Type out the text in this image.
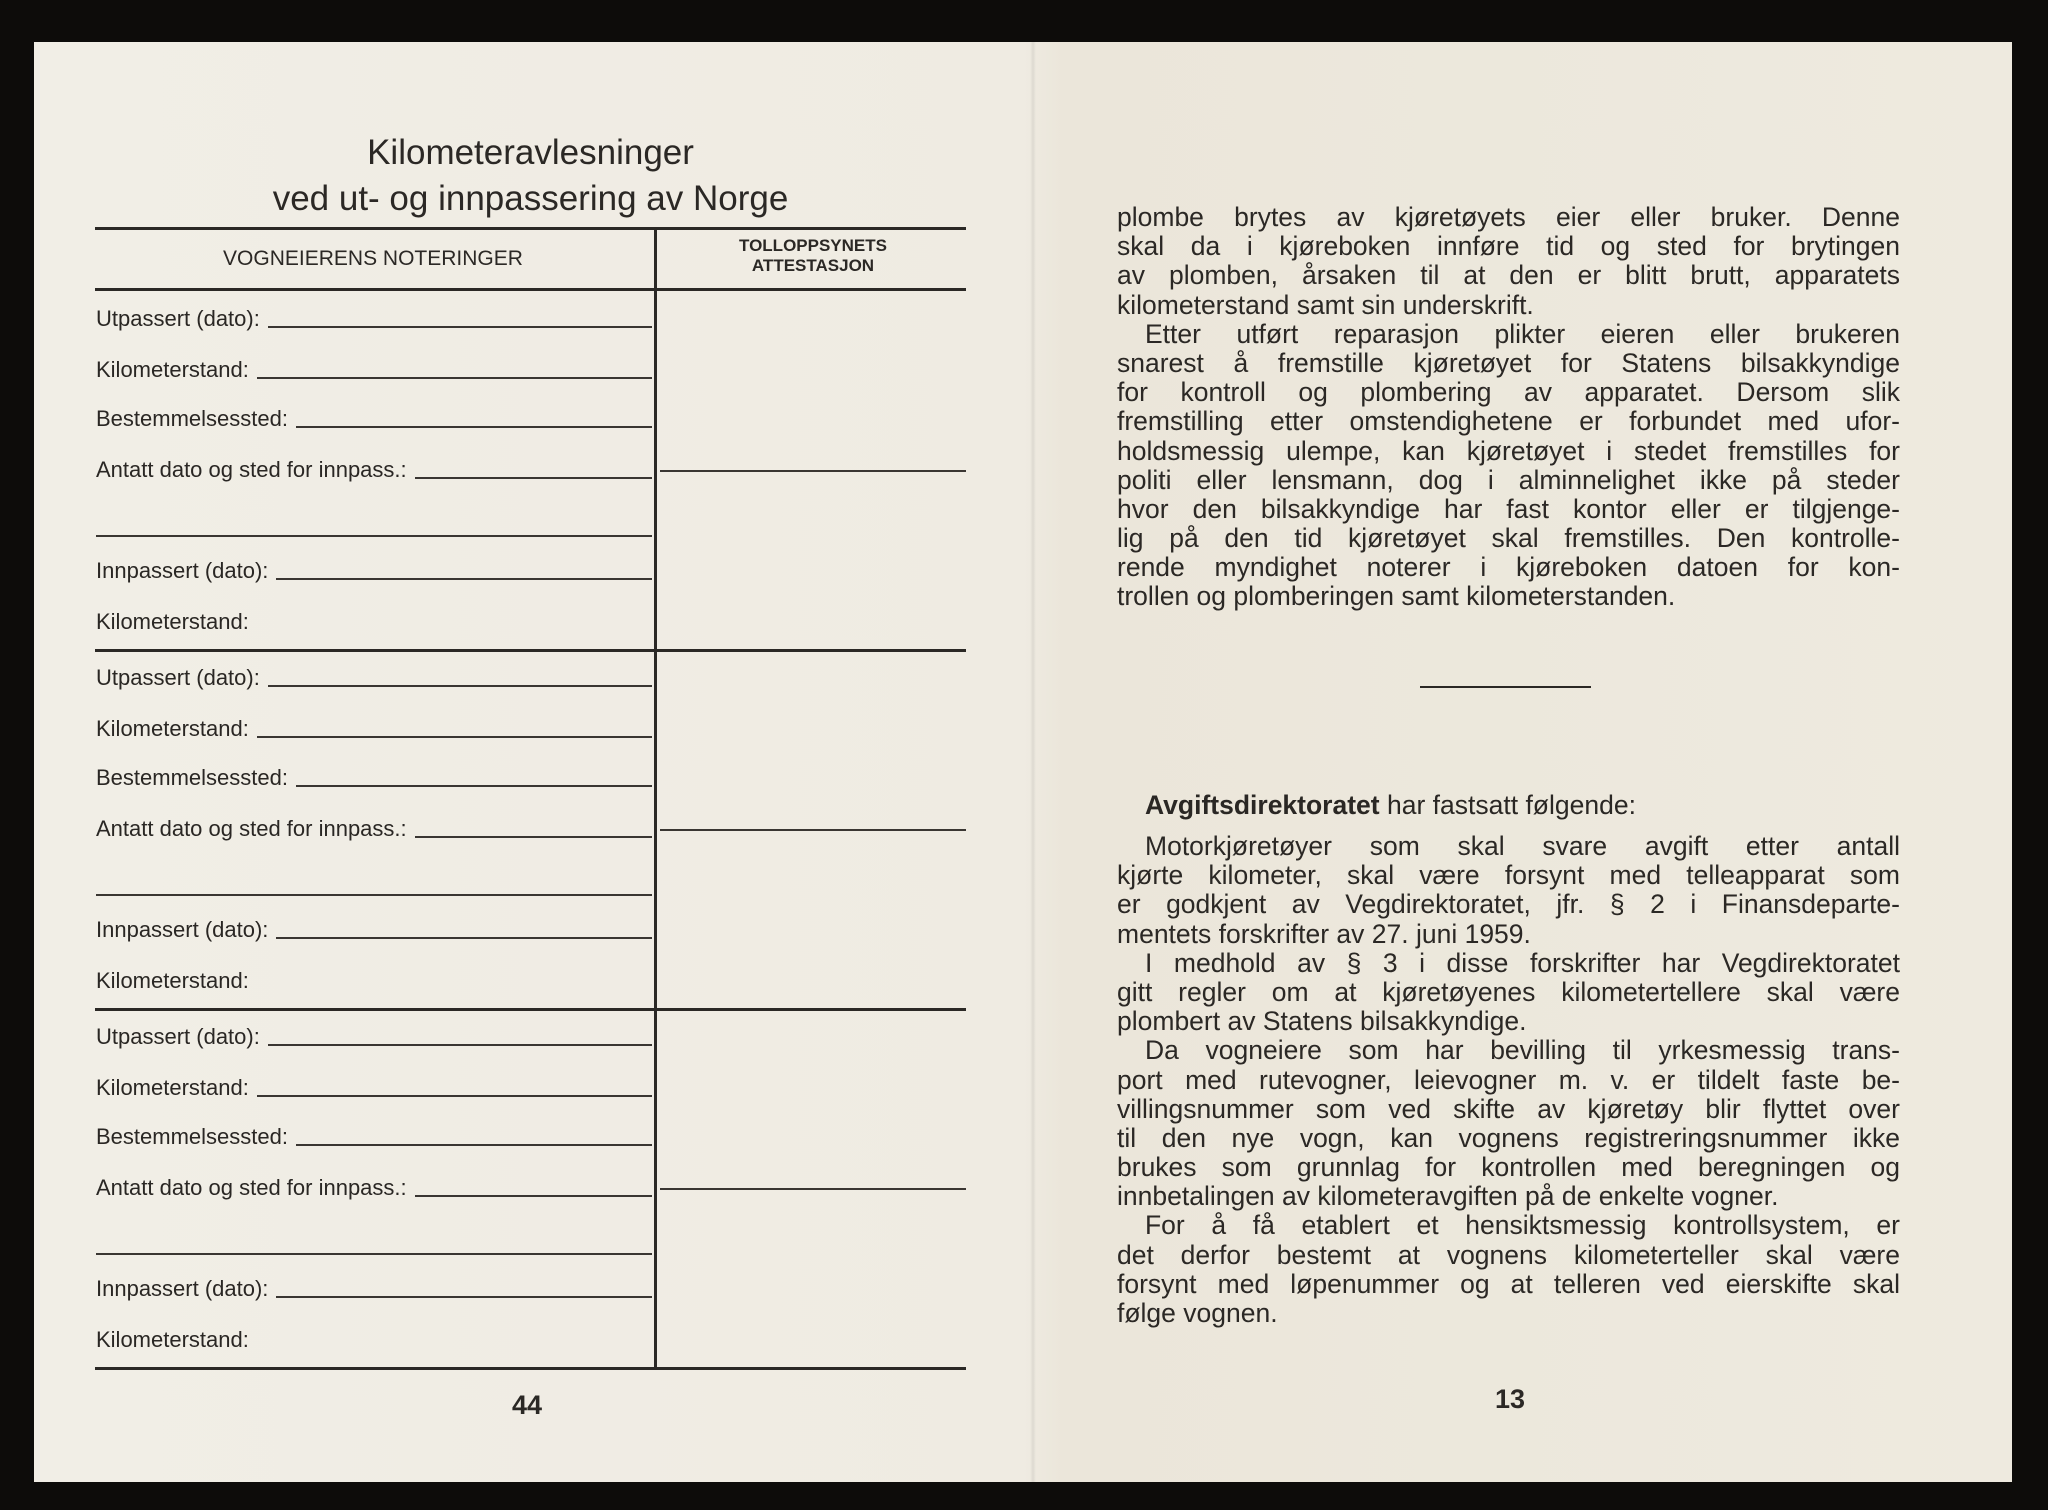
Kilometeravlesninger
ved ut- og innpassering av Norge
VOGNEIERENS NOTERINGER
TOLLOPPSYNETS
ATTESTASJON
Utpassert (dato):
Kilometerstand:
Bestemmelsessted:
Antatt dato og sted for innpass.:
Innpassert (dato):
Kilometerstand:
Utpassert (dato):
Kilometerstand:
Bestemmelsessted:
Antatt dato og sted for innpass.:
Innpassert (dato):
Kilometerstand:
Utpassert (dato):
Kilometerstand:
Bestemmelsessted:
Antatt dato og sted for innpass.:
Innpassert (dato):
Kilometerstand:
44
plombe brytes av kjøretøyets eier eller bruker. Denne
skal da i kjøreboken innføre tid og sted for brytingen
av plomben, årsaken til at den er blitt brutt, apparatets
kilometerstand samt sin underskrift.
Etter utført reparasjon plikter eieren eller brukeren
snarest å fremstille kjøretøyet for Statens bilsakkyndige
for kontroll og plombering av apparatet. Dersom slik
fremstilling etter omstendighetene er forbundet med ufor-
holdsmessig ulempe, kan kjøretøyet i stedet fremstilles for
politi eller lensmann, dog i alminnelighet ikke på steder
hvor den bilsakkyndige har fast kontor eller er tilgjenge-
lig på den tid kjøretøyet skal fremstilles. Den kontrolle-
rende myndighet noterer i kjøreboken datoen for kon-
trollen og plomberingen samt kilometerstanden.
Avgiftsdirektoratet har fastsatt følgende:
Motorkjøretøyer som skal svare avgift etter antall
kjørte kilometer, skal være forsynt med telleapparat som
er godkjent av Vegdirektoratet, jfr. § 2 i Finansdeparte-
mentets forskrifter av 27. juni 1959.
I medhold av § 3 i disse forskrifter har Vegdirektoratet
gitt regler om at kjøretøyenes kilometertellere skal være
plombert av Statens bilsakkyndige.
Da vogneiere som har bevilling til yrkesmessig trans-
port med rutevogner, leievogner m. v. er tildelt faste be-
villingsnummer som ved skifte av kjøretøy blir flyttet over
til den nye vogn, kan vognens registreringsnummer ikke
brukes som grunnlag for kontrollen med beregningen og
innbetalingen av kilometeravgiften på de enkelte vogner.
For å få etablert et hensiktsmessig kontrollsystem, er
det derfor bestemt at vognens kilometerteller skal være
forsynt med løpenummer og at telleren ved eierskifte skal
følge vognen.
13
